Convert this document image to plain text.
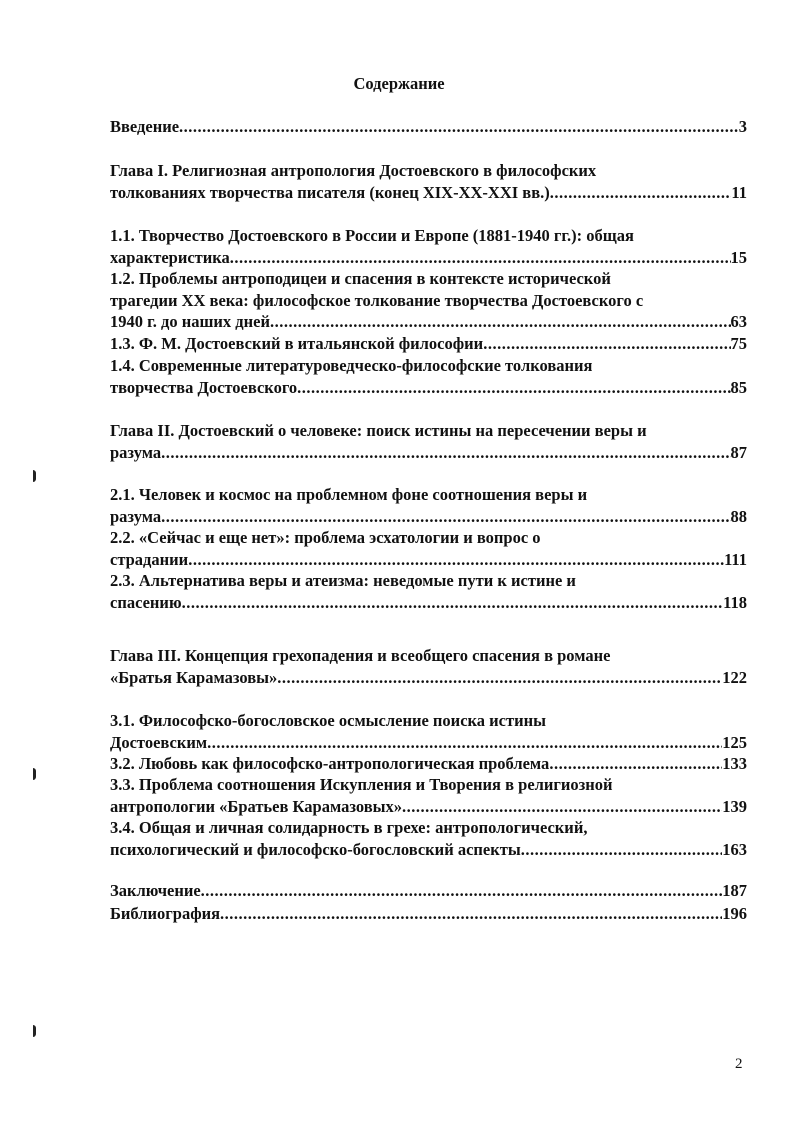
Содержание
Введение .....	3
Глава I. Религиозная антропология Достоевского в философских
толкованиях творчества писателя (конец XIX-XX-XXI вв.) .....	11
1.1. Творчество Достоевского в России и Европе (1881-1940 гг.): общая
характеристика .....	15
1.2. Проблемы антроподицеи и спасения в контексте исторической
трагедии XX века: философское толкование творчества Достоевского с
1940 г. до наших дней .....	63
1.3. Ф. М. Достоевский в итальянской философии .....	75
1.4. Современные литературоведческо-философские толкования
творчества Достоевского .....	85
Глава II. Достоевский о человеке: поиск истины на пересечении веры и
разума .....	87
2.1. Человек и космос на проблемном фоне соотношения веры и
разума .....	88
2.2. «Сейчас и еще нет»: проблема эсхатологии и вопрос о
страдании .....	111
2.3. Альтернатива веры и атеизма: неведомые пути к истине и
спасению .....	118
Глава III. Концепция грехопадения и всеобщего спасения в романе
«Братья Карамазовы» .....	122
3.1. Философско-богословское осмысление поиска истины
Достоевским .....	125
3.2. Любовь как философско-антропологическая проблема .....	133
3.3. Проблема соотношения Искупления и Творения в религиозной
антропологии «Братьев Карамазовых» .....	139
3.4. Общая и личная солидарность в грехе: антропологический,
психологический и философско-богословский аспекты .....	163
Заключение .....	187
Библиография .....	196
2
